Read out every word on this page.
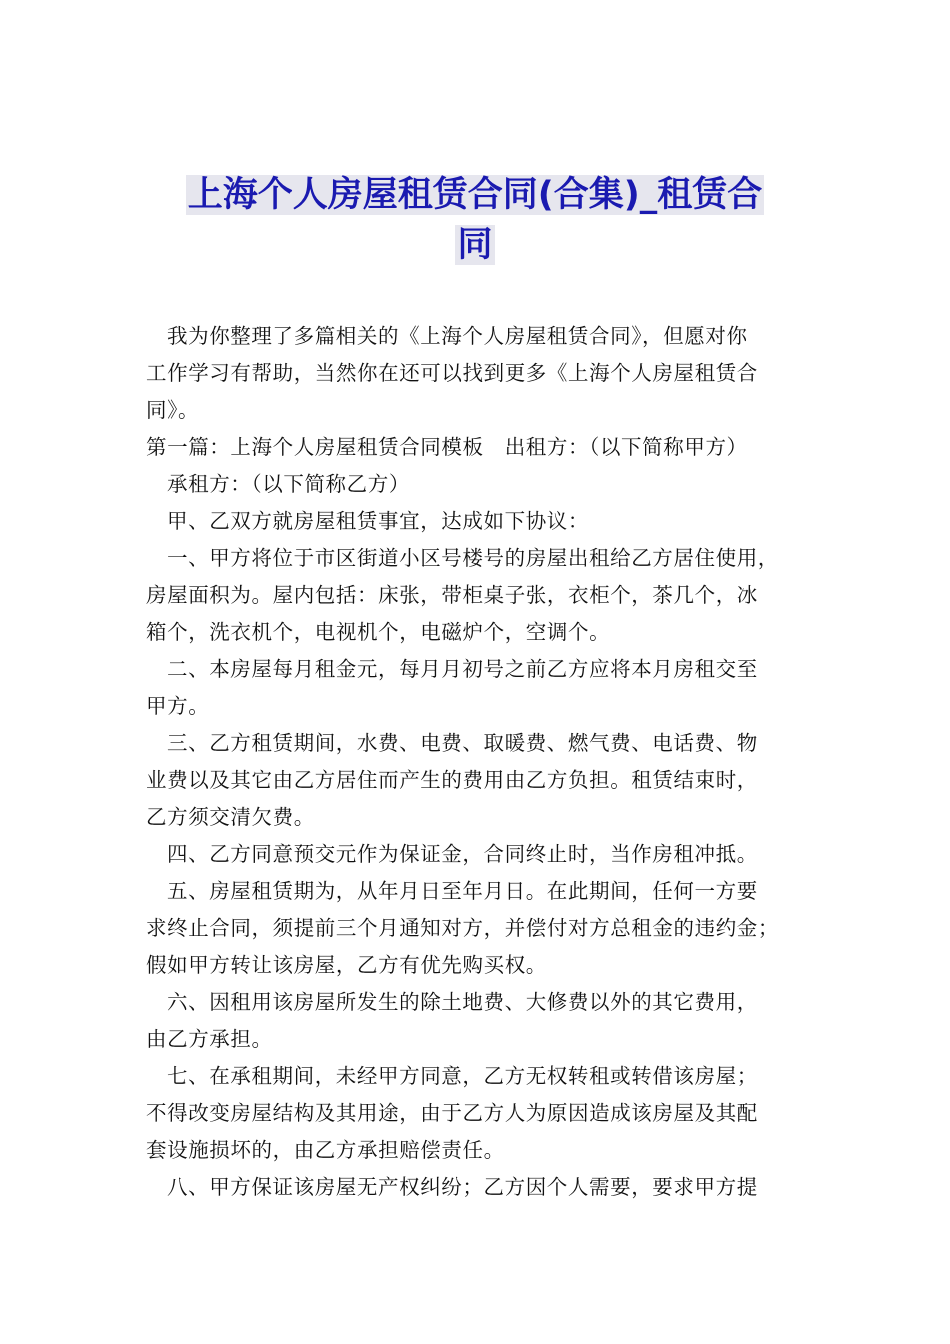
上海个人房屋租赁合同(合集)_租赁合
同

我为你整理了多篇相关的《上海个人房屋租赁合同》，但愿对你

工作学习有帮助，当然你在还可以找到更多《上海个人房屋租赁合

同》。

第一篇：上海个人房屋租赁合同模板　出租方：（以下简称甲方）

承租方：（以下简称乙方）

甲、乙双方就房屋租赁事宜，达成如下协议：

一、甲方将位于市区街道小区号楼号的房屋出租给乙方居住使用，

房屋面积为。屋内包括：床张，带柜桌子张，衣柜个，茶几个，冰

箱个，洗衣机个，电视机个，电磁炉个，空调个。

二、本房屋每月租金元，每月月初号之前乙方应将本月房租交至

甲方。

三、乙方租赁期间，水费、电费、取暖费、燃气费、电话费、物

业费以及其它由乙方居住而产生的费用由乙方负担。租赁结束时，

乙方须交清欠费。

四、乙方同意预交元作为保证金，合同终止时，当作房租冲抵。

五、房屋租赁期为，从年月日至年月日。在此期间，任何一方要

求终止合同，须提前三个月通知对方，并偿付对方总租金的违约金；

假如甲方转让该房屋，乙方有优先购买权。

六、因租用该房屋所发生的除土地费、大修费以外的其它费用，

由乙方承担。

七、在承租期间，未经甲方同意，乙方无权转租或转借该房屋；

不得改变房屋结构及其用途，由于乙方人为原因造成该房屋及其配

套设施损坏的，由乙方承担赔偿责任。

八、甲方保证该房屋无产权纠纷；乙方因个人需要，要求甲方提
